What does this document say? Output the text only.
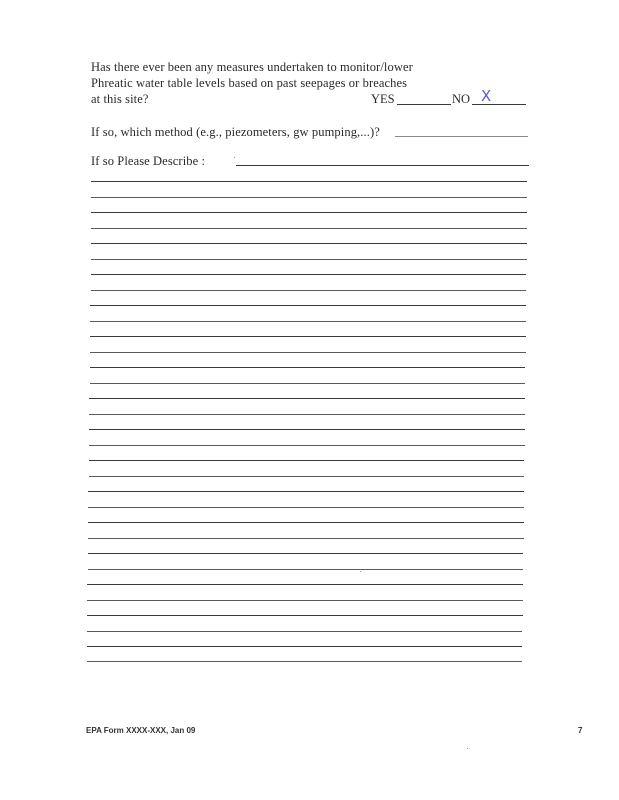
Has there ever been any measures undertaken to monitor/lower
Phreatic water table levels based on past seepages or breaches
at this site?	YES	NO X
If so, which method (e.g., piezometers, gw pumping,...)?
If so Please Describe :
EPA Form XXXX-XXX, Jan 09	7
